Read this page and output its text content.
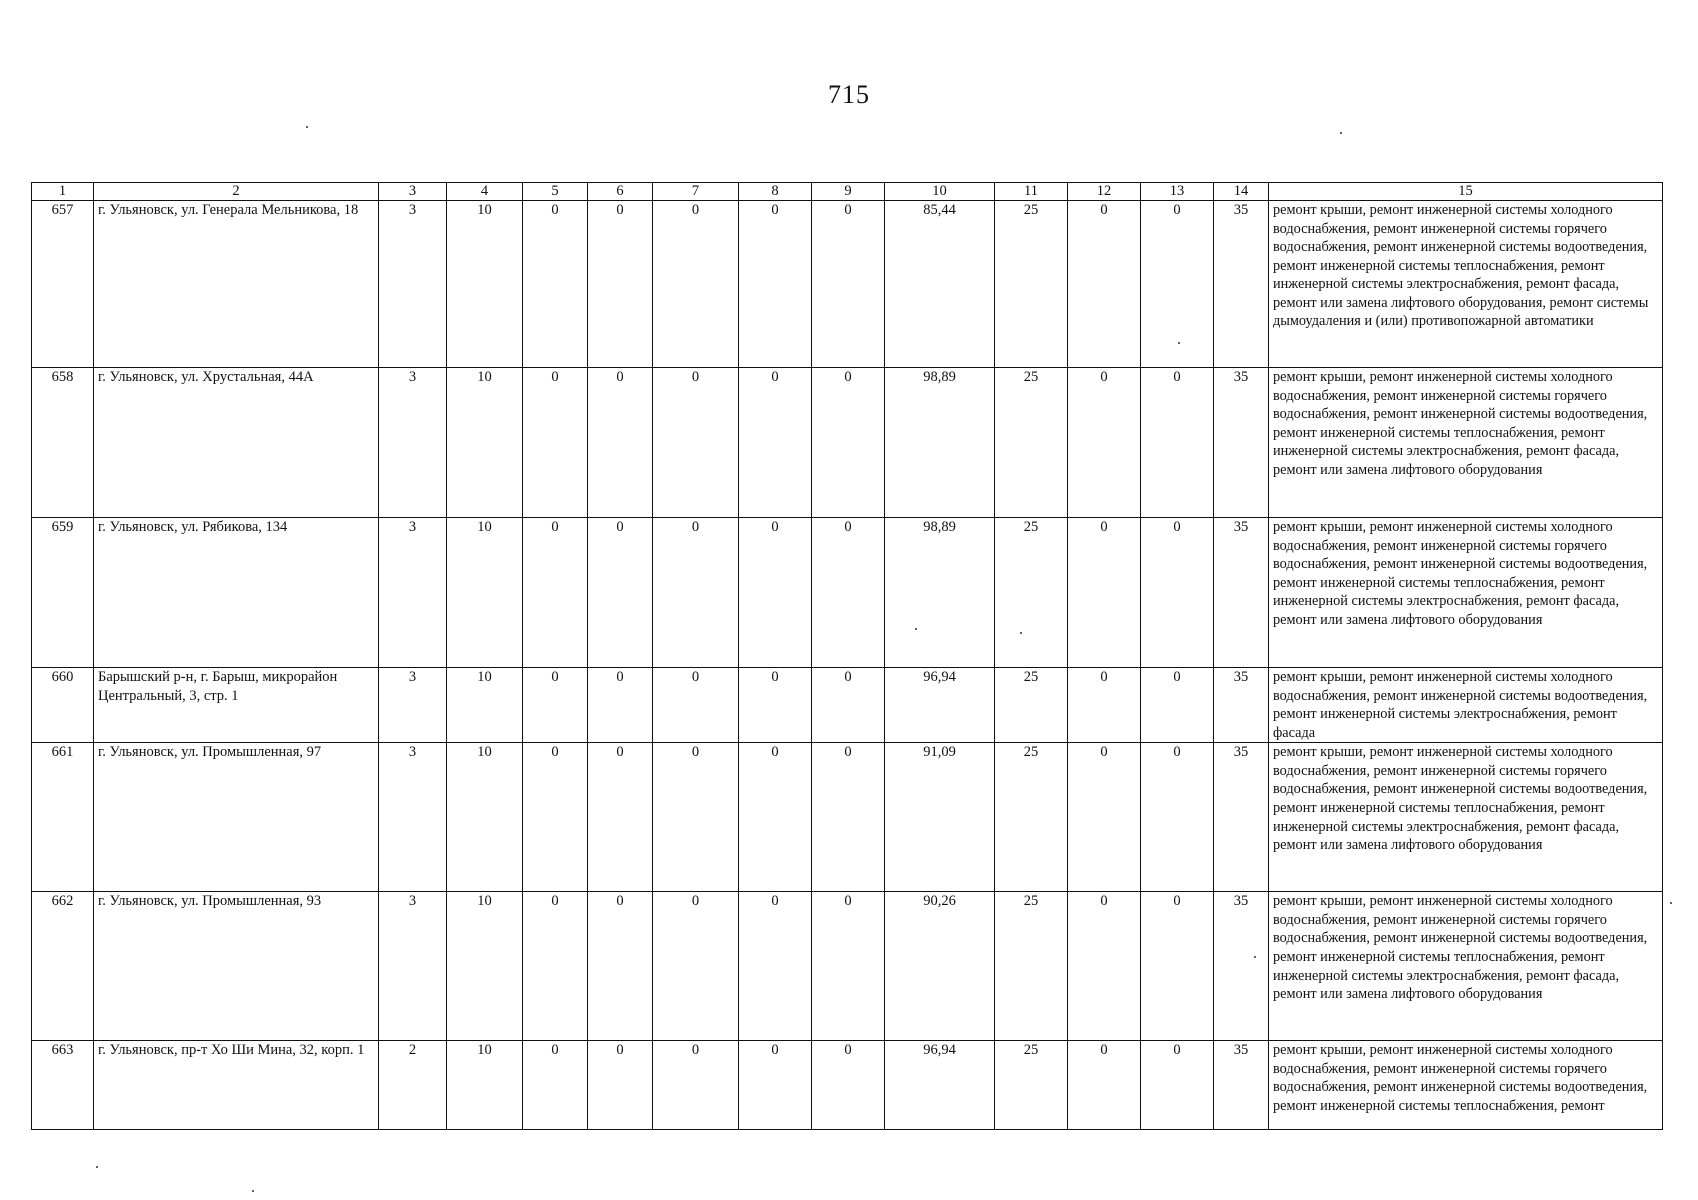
715
1	2	3	4	5	6	7	8	9	10	11	12	13	14	15
657	г. Ульяновск, ул. Генерала Мельникова, 18	3	10	0	0	0	0	0	85,44	25	0	0	35	ремонт крыши, ремонт инженерной системы холодного водоснабжения, ремонт инженерной системы горячего водоснабжения, ремонт инженерной системы водоотведения, ремонт инженерной системы теплоснабжения, ремонт инженерной системы электроснабжения, ремонт фасада, ремонт или замена лифтового оборудования, ремонт системы дымоудаления и (или) противопожарной автоматики
658	г. Ульяновск, ул. Хрустальная, 44А	3	10	0	0	0	0	0	98,89	25	0	0	35	ремонт крыши, ремонт инженерной системы холодного водоснабжения, ремонт инженерной системы горячего водоснабжения, ремонт инженерной системы водоотведения, ремонт инженерной системы теплоснабжения, ремонт инженерной системы электроснабжения, ремонт фасада, ремонт или замена лифтового оборудования
659	г. Ульяновск, ул. Рябикова, 134	3	10	0	0	0	0	0	98,89	25	0	0	35	ремонт крыши, ремонт инженерной системы холодного водоснабжения, ремонт инженерной системы горячего водоснабжения, ремонт инженерной системы водоотведения, ремонт инженерной системы теплоснабжения, ремонт инженерной системы электроснабжения, ремонт фасада, ремонт или замена лифтового оборудования
660	Барышский р-н, г. Барыш, микрорайон Центральный, 3, стр. 1	3	10	0	0	0	0	0	96,94	25	0	0	35	ремонт крыши, ремонт инженерной системы холодного водоснабжения, ремонт инженерной системы водоотведения, ремонт инженерной системы электроснабжения, ремонт фасада
661	г. Ульяновск, ул. Промышленная, 97	3	10	0	0	0	0	0	91,09	25	0	0	35	ремонт крыши, ремонт инженерной системы холодного водоснабжения, ремонт инженерной системы горячего водоснабжения, ремонт инженерной системы водоотведения, ремонт инженерной системы теплоснабжения, ремонт инженерной системы электроснабжения, ремонт фасада, ремонт или замена лифтового оборудования
662	г. Ульяновск, ул. Промышленная, 93	3	10	0	0	0	0	0	90,26	25	0	0	35	ремонт крыши, ремонт инженерной системы холодного водоснабжения, ремонт инженерной системы горячего водоснабжения, ремонт инженерной системы водоотведения, ремонт инженерной системы теплоснабжения, ремонт инженерной системы электроснабжения, ремонт фасада, ремонт или замена лифтового оборудования
663	г. Ульяновск, пр-т Хо Ши Мина, 32, корп. 1	2	10	0	0	0	0	0	96,94	25	0	0	35	ремонт крыши, ремонт инженерной системы холодного водоснабжения, ремонт инженерной системы горячего водоснабжения, ремонт инженерной системы водоотведения, ремонт инженерной системы теплоснабжения, ремонт
